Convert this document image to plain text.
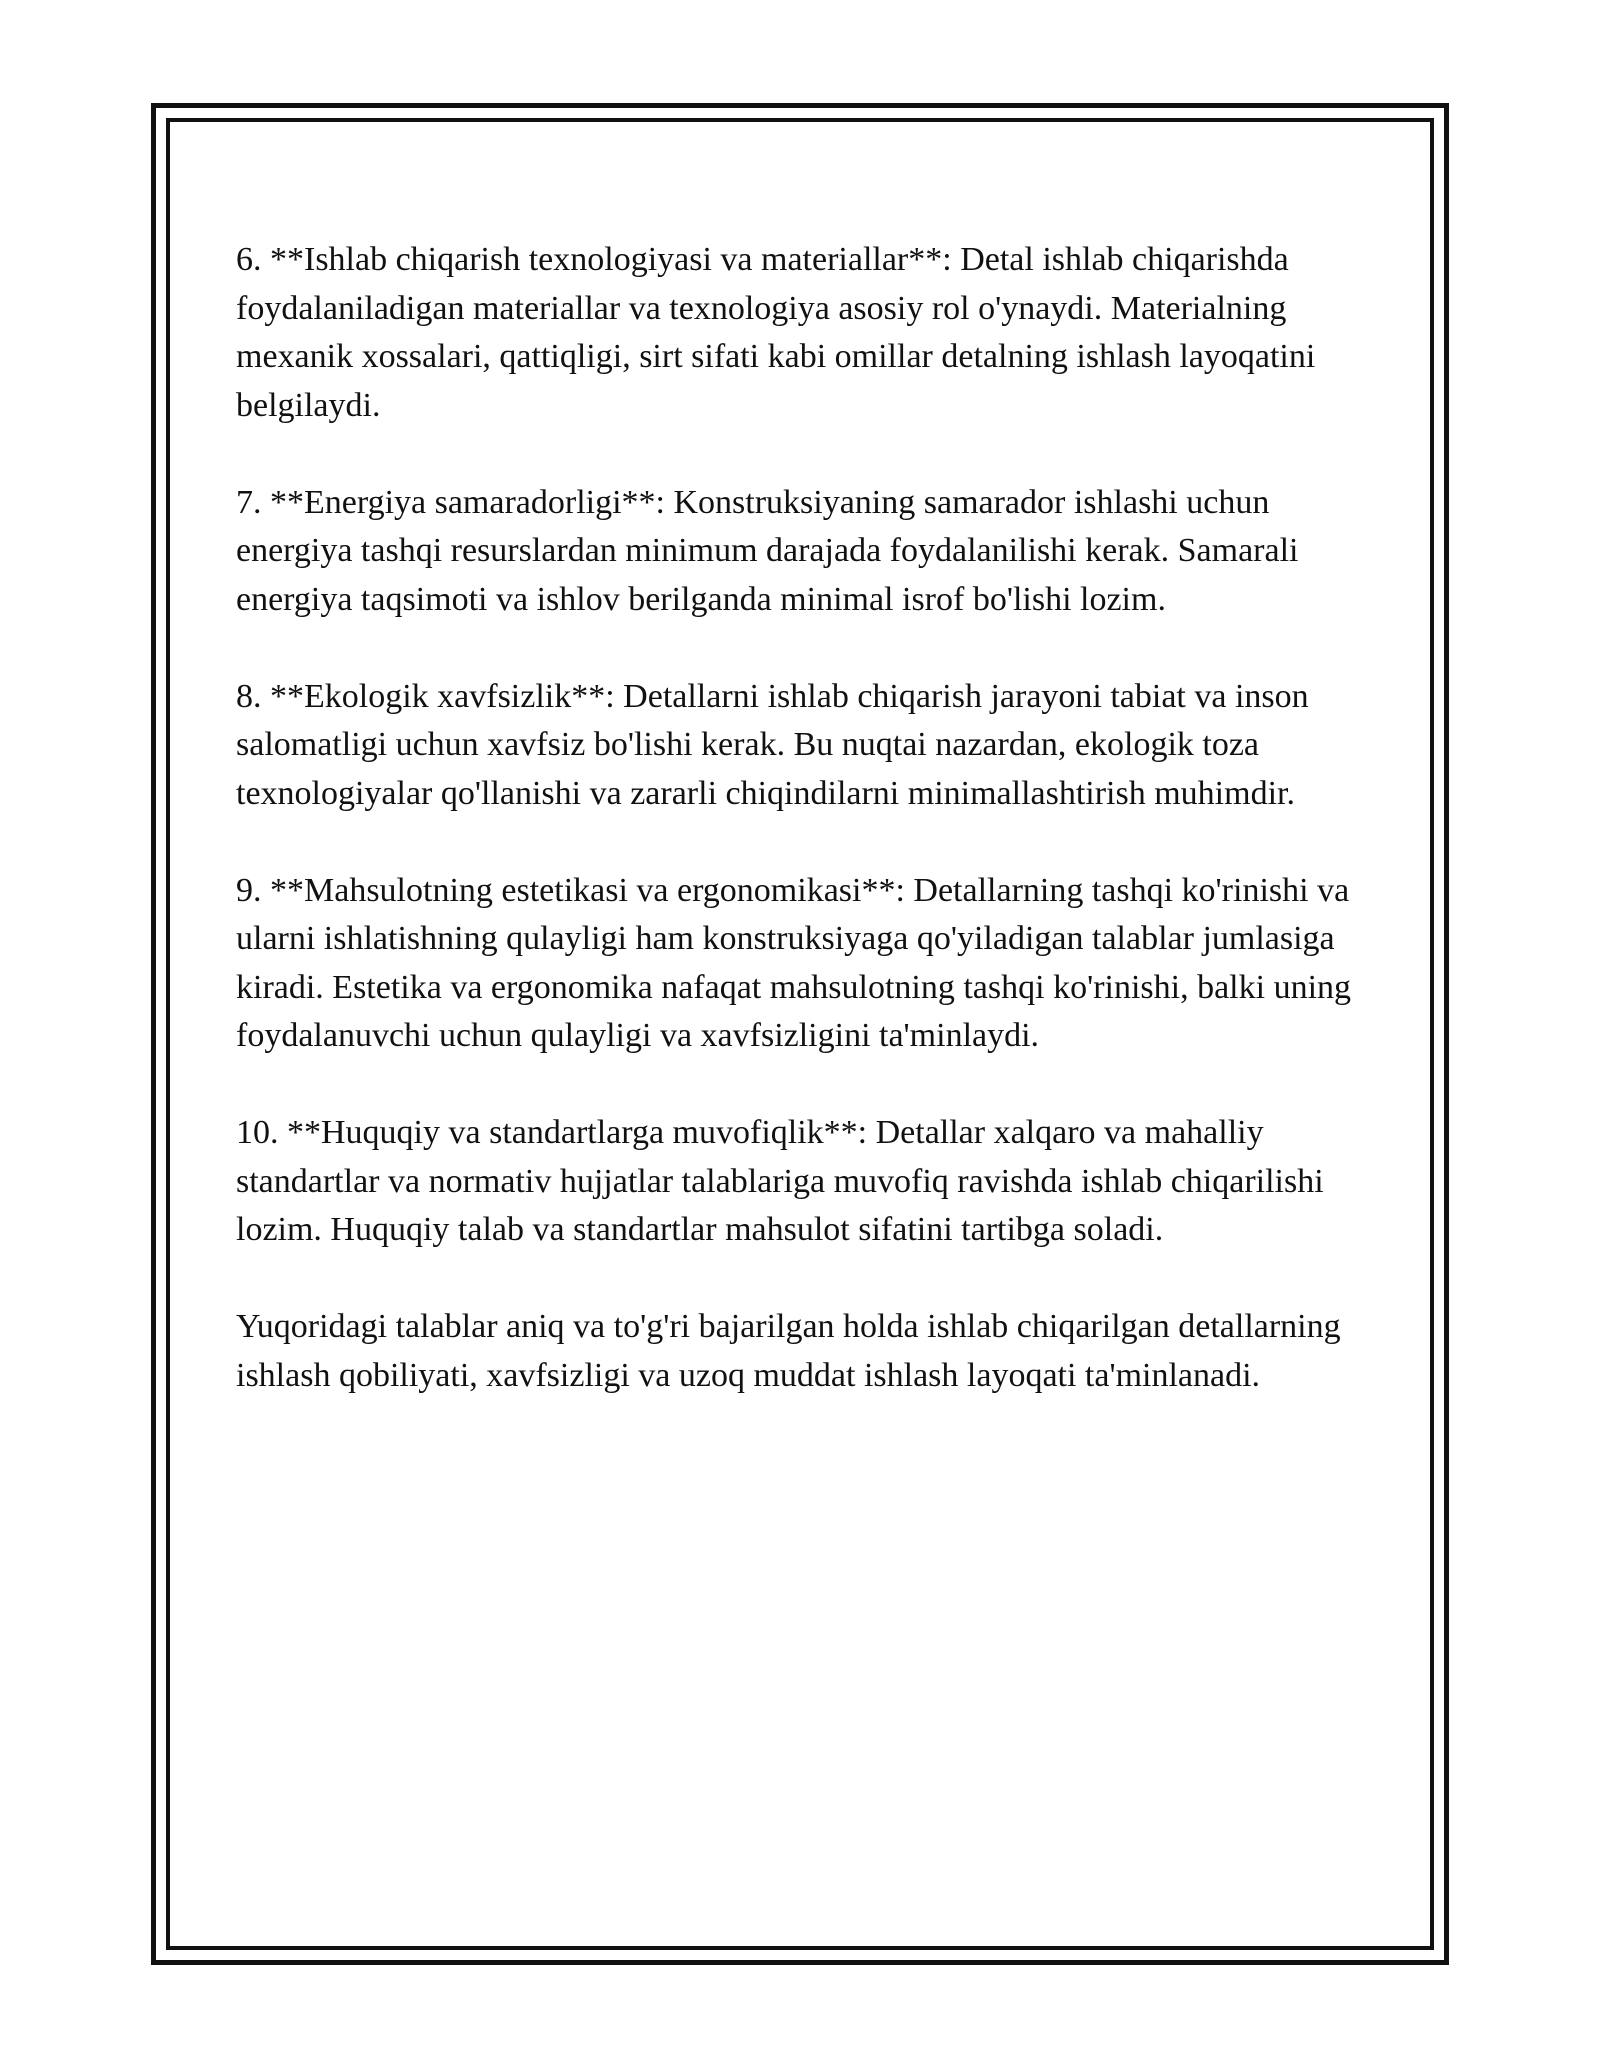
6. **Ishlab chiqarish texnologiyasi va materiallar**: Detal ishlab chiqarishda foydalaniladigan materiallar va texnologiya asosiy rol o'ynaydi. Materialning mexanik xossalari, qattiqligi, sirt sifati kabi omillar detalning ishlash layoqatini belgilaydi.

7. **Energiya samaradorligi**: Konstruksiyaning samarador ishlashi uchun energiya tashqi resurslardan minimum darajada foydalanilishi kerak. Samarali energiya taqsimoti va ishlov berilganda minimal isrof bo'lishi lozim.

8. **Ekologik xavfsizlik**: Detallarni ishlab chiqarish jarayoni tabiat va inson salomatligi uchun xavfsiz bo'lishi kerak. Bu nuqtai nazardan, ekologik toza texnologiyalar qo'llanishi va zararli chiqindilarni minimallashtirish muhimdir.

9. **Mahsulotning estetikasi va ergonomikasi**: Detallarning tashqi ko'rinishi va ularni ishlatishning qulayligi ham konstruksiyaga qo'yiladigan talablar jumlasiga kiradi. Estetika va ergonomika nafaqat mahsulotning tashqi ko'rinishi, balki uning foydalanuvchi uchun qulayligi va xavfsizligini ta'minlaydi.

10. **Huquqiy va standartlarga muvofiqlik**: Detallar xalqaro va mahalliy standartlar va normativ hujjatlar talablariga muvofiq ravishda ishlab chiqarilishi lozim. Huquqiy talab va standartlar mahsulot sifatini tartibga soladi.

Yuqoridagi talablar aniq va to'g'ri bajarilgan holda ishlab chiqarilgan detallarning ishlash qobiliyati, xavfsizligi va uzoq muddat ishlash layoqati ta'minlanadi.
